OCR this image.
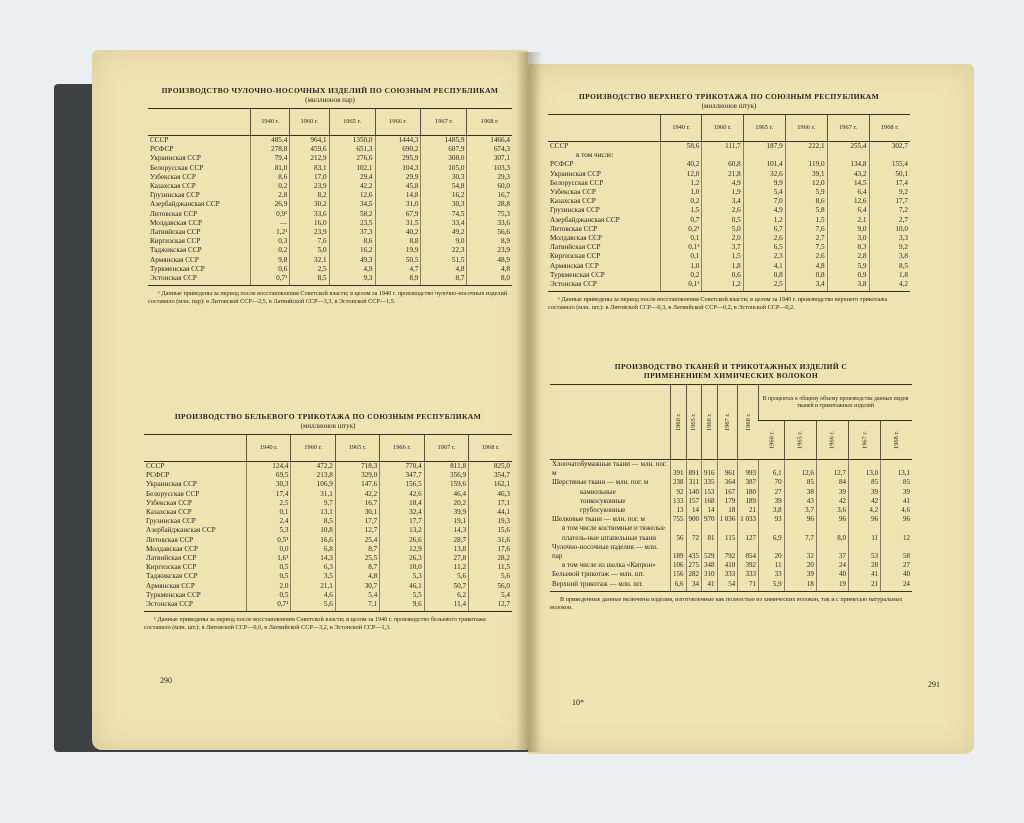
ПРОИЗВОДСТВО ЧУЛОЧНО-НОСОЧНЫХ ИЗДЕЛИЙ ПО СОЮЗНЫМ РЕСПУБЛИКАМ

(миллионов пар)

	1940 г.	1960 г.	1965 г.	1966 г.	1967 г.	1968 г.
СССР	485,4	964,1	1350,0	1444,3	1485,9	1466,4
РСФСР	278,8	459,6	651,3	690,2	687,9	674,3
Украинская ССР	79,4	212,9	276,6	295,9	308,0	307,1
Белорусская ССР	81,0	83,1	102,1	104,3	105,0	103,3
Узбекская ССР	8,6	17,0	29,4	29,9	30,3	29,3
Казахская ССР	0,2	23,9	42,2	45,8	54,8	60,0
Грузинская ССР	2,8	8,2	12,6	14,8	16,2	16,7
Азербайджанская ССР	26,9	30,2	34,5	31,0	30,3	28,8
Литовская ССР	0,9¹	33,6	58,2	67,9	74,5	75,3
Молдавская ССР	—	16,0	23,5	31,5	33,4	33,6
Латвийская ССР	1,2¹	23,9	37,3	40,2	49,2	56,6
Киргизская ССР	0,3	7,6	8,6	8,8	9,0	8,9
Таджикская ССР	0,2	5,0	16,2	19,9	22,3	23,9
Армянская ССР	9,8	32,1	49,3	50,5	51,5	48,9
Туркменская ССР	0,6	2,5	4,9	4,7	4,8	4,8
Эстонская ССР	0,7¹	8,5	9,3	8,9	8,7	8,0

¹ Данные приведены за период после восстановления Советской власти; в целом за 1940 г. производство чулочно-носочных изделий составило (млн. пар): в Литовской ССР—2,5, в Латвийской ССР—3,3, в Эстонской ССР—1,5.

ПРОИЗВОДСТВО БЕЛЬЕВОГО ТРИКОТАЖА ПО СОЮЗНЫМ РЕСПУБЛИКАМ

(миллионов штук)

	1940 г.	1960 г.	1965 г.	1966 г.	1967 г.	1968 г.
СССР	124,4	472,2	718,3	770,4	811,8	825,0
РСФСР	69,5	213,8	329,0	347,7	356,9	354,7
Украинская ССР	30,3	106,9	147,6	156,5	159,6	162,1
Белорусская ССР	17,4	31,1	42,2	42,6	46,4	46,3
Узбекская ССР	2,5	9,7	16,7	18,4	20,2	17,1
Казахская ССР	0,1	13,1	30,1	32,4	39,9	44,1
Грузинская ССР	2,4	8,5	17,7	17,7	19,1	19,3
Азербайджанская ССР	5,3	10,8	12,7	13,2	14,3	15,6
Литовская ССР	0,5¹	16,6	25,4	26,6	28,7	31,6
Молдавская ССР	0,0	6,8	8,7	12,9	13,8	17,6
Латвийская ССР	1,6¹	14,3	25,5	26,3	27,8	28,2
Киргизская ССР	0,5	6,3	8,7	10,0	11,2	11,5
Таджикская ССР	0,5	3,5	4,8	5,3	5,6	5,6
Армянская ССР	2,0	21,1	30,7	46,1	50,7	56,0
Туркменская ССР	0,5	4,6	5,4	5,5	6,2	5,4
Эстонская ССР	0,7¹	5,6	7,1	9,6	11,4	12,7

¹ Данные приведены за период после восстановления Советской власти; в целом за 1940 г. производство бельевого трикотажа составило (млн. шт.): в Литовской ССР—0,6, в Латвийской ССР—3,2, в Эстонской ССР—1,3.

290

ПРОИЗВОДСТВО ВЕРХНЕГО ТРИКОТАЖА ПО СОЮЗНЫМ РЕСПУБЛИКАМ

(миллионов штук)

	1940 г.	1960 г.	1965 г.	1966 г.	1967 г.	1968 г.
СССР	58,6	111,7	187,9	222,1	255,4	302,7
в том числе:						
РСФСР	40,2	60,8	101,4	119,0	134,8	155,4
Украинская ССР	12,0	21,8	32,6	39,1	43,2	50,1
Белорусская ССР	1,2	4,9	9,9	12,0	14,5	17,4
Узбекская ССР	1,0	1,9	5,4	5,9	6,4	9,2
Казахская ССР	0,2	3,4	7,0	8,6	12,6	17,7
Грузинская ССР	1,5	2,6	4,9	5,8	6,4	7,2
Азербайджанская ССР	0,7	0,5	1,2	1,5	2,1	2,7
Литовская ССР	0,2¹	5,0	6,7	7,6	9,0	10,0
Молдавская ССР	0,1	2,0	2,6	2,7	3,0	3,3
Латвийская ССР	0,1¹	3,7	6,5	7,5	8,3	9,2
Киргизская ССР	0,1	1,5	2,3	2,6	2,8	3,8
Армянская ССР	1,0	1,8	4,1	4,8	5,9	8,5
Туркменская ССР	0,2	0,6	0,8	0,8	0,9	1,8
Эстонская ССР	0,1¹	1,2	2,5	3,4	3,8	4,2

¹ Данные приведены за период после восстановления Советской власти; в целом за 1940 г. производство верхнего трикотажа составило (млн. шт.): в Литовской ССР—0,3, в Латвийской ССР—0,2, в Эстонской ССР—0,2.

ПРОИЗВОДСТВО ТКАНЕЙ И ТРИКОТАЖНЫХ ИЗДЕЛИЙ С ПРИМЕНЕНИЕМ ХИМИЧЕСКИХ ВОЛОКОН

	1960 г.	1965 г.	1966 г.	1967 г.	1968 г.	В процентах к общему объему производства данных видов тканей и трикотажных изделий				
						1960 г.	1965 г.	1966 г.	1967 г.	1968 г.
Хлопчатобумажные ткани — млн. пог. м	391	891	916	961	993	6,1	12,6	12,7	13,0	13,1
Шерстяные ткани — млн. пог. м	238	311	335	364	387	70	85	84	85	85
камвольные	92	140	153	167	180	27	38	39	39	39
тонкосуконные	133	157	168	179	189	39	43	42	42	41
грубосуконные	13	14	14	18	21	3,8	3,7	3,6	4,2	4,6
Шелковые ткани — млн. пог. м	755	900	970	1 036	1 033	93	96	96	96	96
в том числе костюмные и тяжелые платель-ные штапельные ткани	56	72	81	115	127	6,9	7,7	8,0	11	12
Чулочно-носочные изделия — млн. пар	189	435	529	792	854	20	32	37	53	58
в том числе из шелка «Капрон»	106	275	348	410	392	11	20	24	28	27
Бельевой трикотаж — млн. шт.	156	282	310	333	333	33	39	40	41	40
Верхний трикотаж — млн. шт.	6,6	34	41	54	71	5,9	18	19	21	24

В приведенные данные включены изделия, изготовленные как полностью из химических волокон, так и с примесью натуральных волокон.

291
10*
